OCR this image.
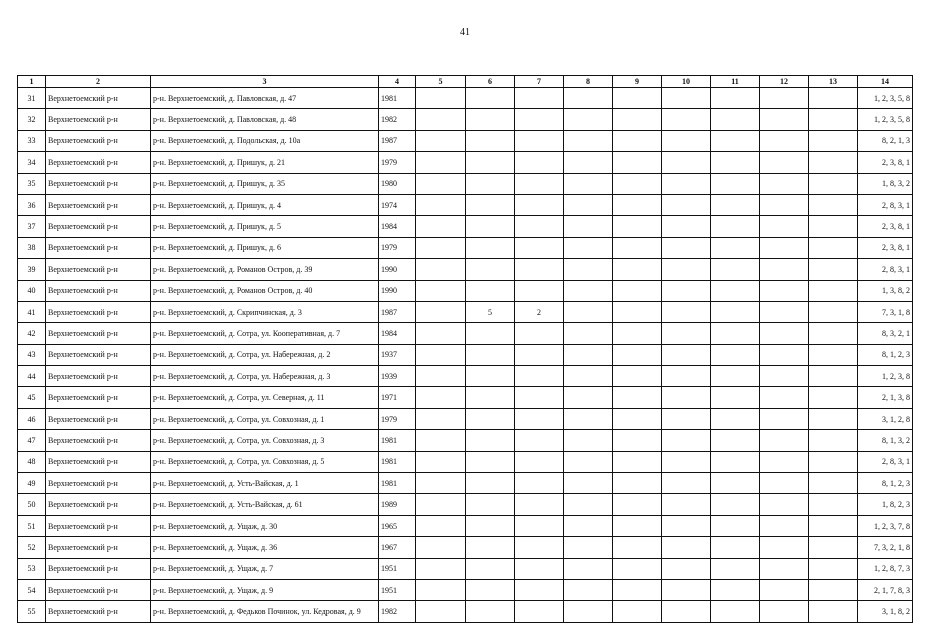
41
1	2	3	4	5	6	7	8	9	10	11	12	13	14
31	Верхнетоемский р-н	р-н. Верхнетоемский, д. Павловская, д. 47	1981										1, 2, 3, 5, 8
32	Верхнетоемский р-н	р-н. Верхнетоемский, д. Павловская, д. 48	1982										1, 2, 3, 5, 8
33	Верхнетоемский р-н	р-н. Верхнетоемский, д. Подольская, д. 10а	1987										8, 2, 1, 3
34	Верхнетоемский р-н	р-н. Верхнетоемский, д. Пришук, д. 21	1979										2, 3, 8, 1
35	Верхнетоемский р-н	р-н. Верхнетоемский, д. Пришук, д. 35	1980										1, 8, 3, 2
36	Верхнетоемский р-н	р-н. Верхнетоемский, д. Пришук, д. 4	1974										2, 8, 3, 1
37	Верхнетоемский р-н	р-н. Верхнетоемский, д. Пришук, д. 5	1984										2, 3, 8, 1
38	Верхнетоемский р-н	р-н. Верхнетоемский, д. Пришук, д. 6	1979										2, 3, 8, 1
39	Верхнетоемский р-н	р-н. Верхнетоемский, д. Романов Остров, д. 39	1990										2, 8, 3, 1
40	Верхнетоемский р-н	р-н. Верхнетоемский, д. Романов Остров, д. 40	1990										1, 3, 8, 2
41	Верхнетоемский р-н	р-н. Верхнетоемский, д. Скрипчинская, д. 3	1987		5	2							7, 3, 1, 8
42	Верхнетоемский р-н	р-н. Верхнетоемский, д. Сотра, ул. Кооперативная, д. 7	1984										8, 3, 2, 1
43	Верхнетоемский р-н	р-н. Верхнетоемский, д. Сотра, ул. Набережная, д. 2	1937										8, 1, 2, 3
44	Верхнетоемский р-н	р-н. Верхнетоемский, д. Сотра, ул. Набережная, д. 3	1939										1, 2, 3, 8
45	Верхнетоемский р-н	р-н. Верхнетоемский, д. Сотра, ул. Северная, д. 11	1971										2, 1, 3, 8
46	Верхнетоемский р-н	р-н. Верхнетоемский, д. Сотра, ул. Совхозная, д. 1	1979										3, 1, 2, 8
47	Верхнетоемский р-н	р-н. Верхнетоемский, д. Сотра, ул. Совхозная, д. 3	1981										8, 1, 3, 2
48	Верхнетоемский р-н	р-н. Верхнетоемский, д. Сотра, ул. Совхозная, д. 5	1981										2, 8, 3, 1
49	Верхнетоемский р-н	р-н. Верхнетоемский, д. Усть-Вайская, д. 1	1981										8, 1, 2, 3
50	Верхнетоемский р-н	р-н. Верхнетоемский, д. Усть-Вайская, д. 61	1989										1, 8, 2, 3
51	Верхнетоемский р-н	р-н. Верхнетоемский, д. Ущаж, д. 30	1965										1, 2, 3, 7, 8
52	Верхнетоемский р-н	р-н. Верхнетоемский, д. Ущаж, д. 36	1967										7, 3, 2, 1, 8
53	Верхнетоемский р-н	р-н. Верхнетоемский, д. Ущаж, д. 7	1951										1, 2, 8, 7, 3
54	Верхнетоемский р-н	р-н. Верхнетоемский, д. Ущаж, д. 9	1951										2, 1, 7, 8, 3
55	Верхнетоемский р-н	р-н. Верхнетоемский, д. Федьков Починок, ул. Кедровая, д. 9	1982										3, 1, 8, 2
